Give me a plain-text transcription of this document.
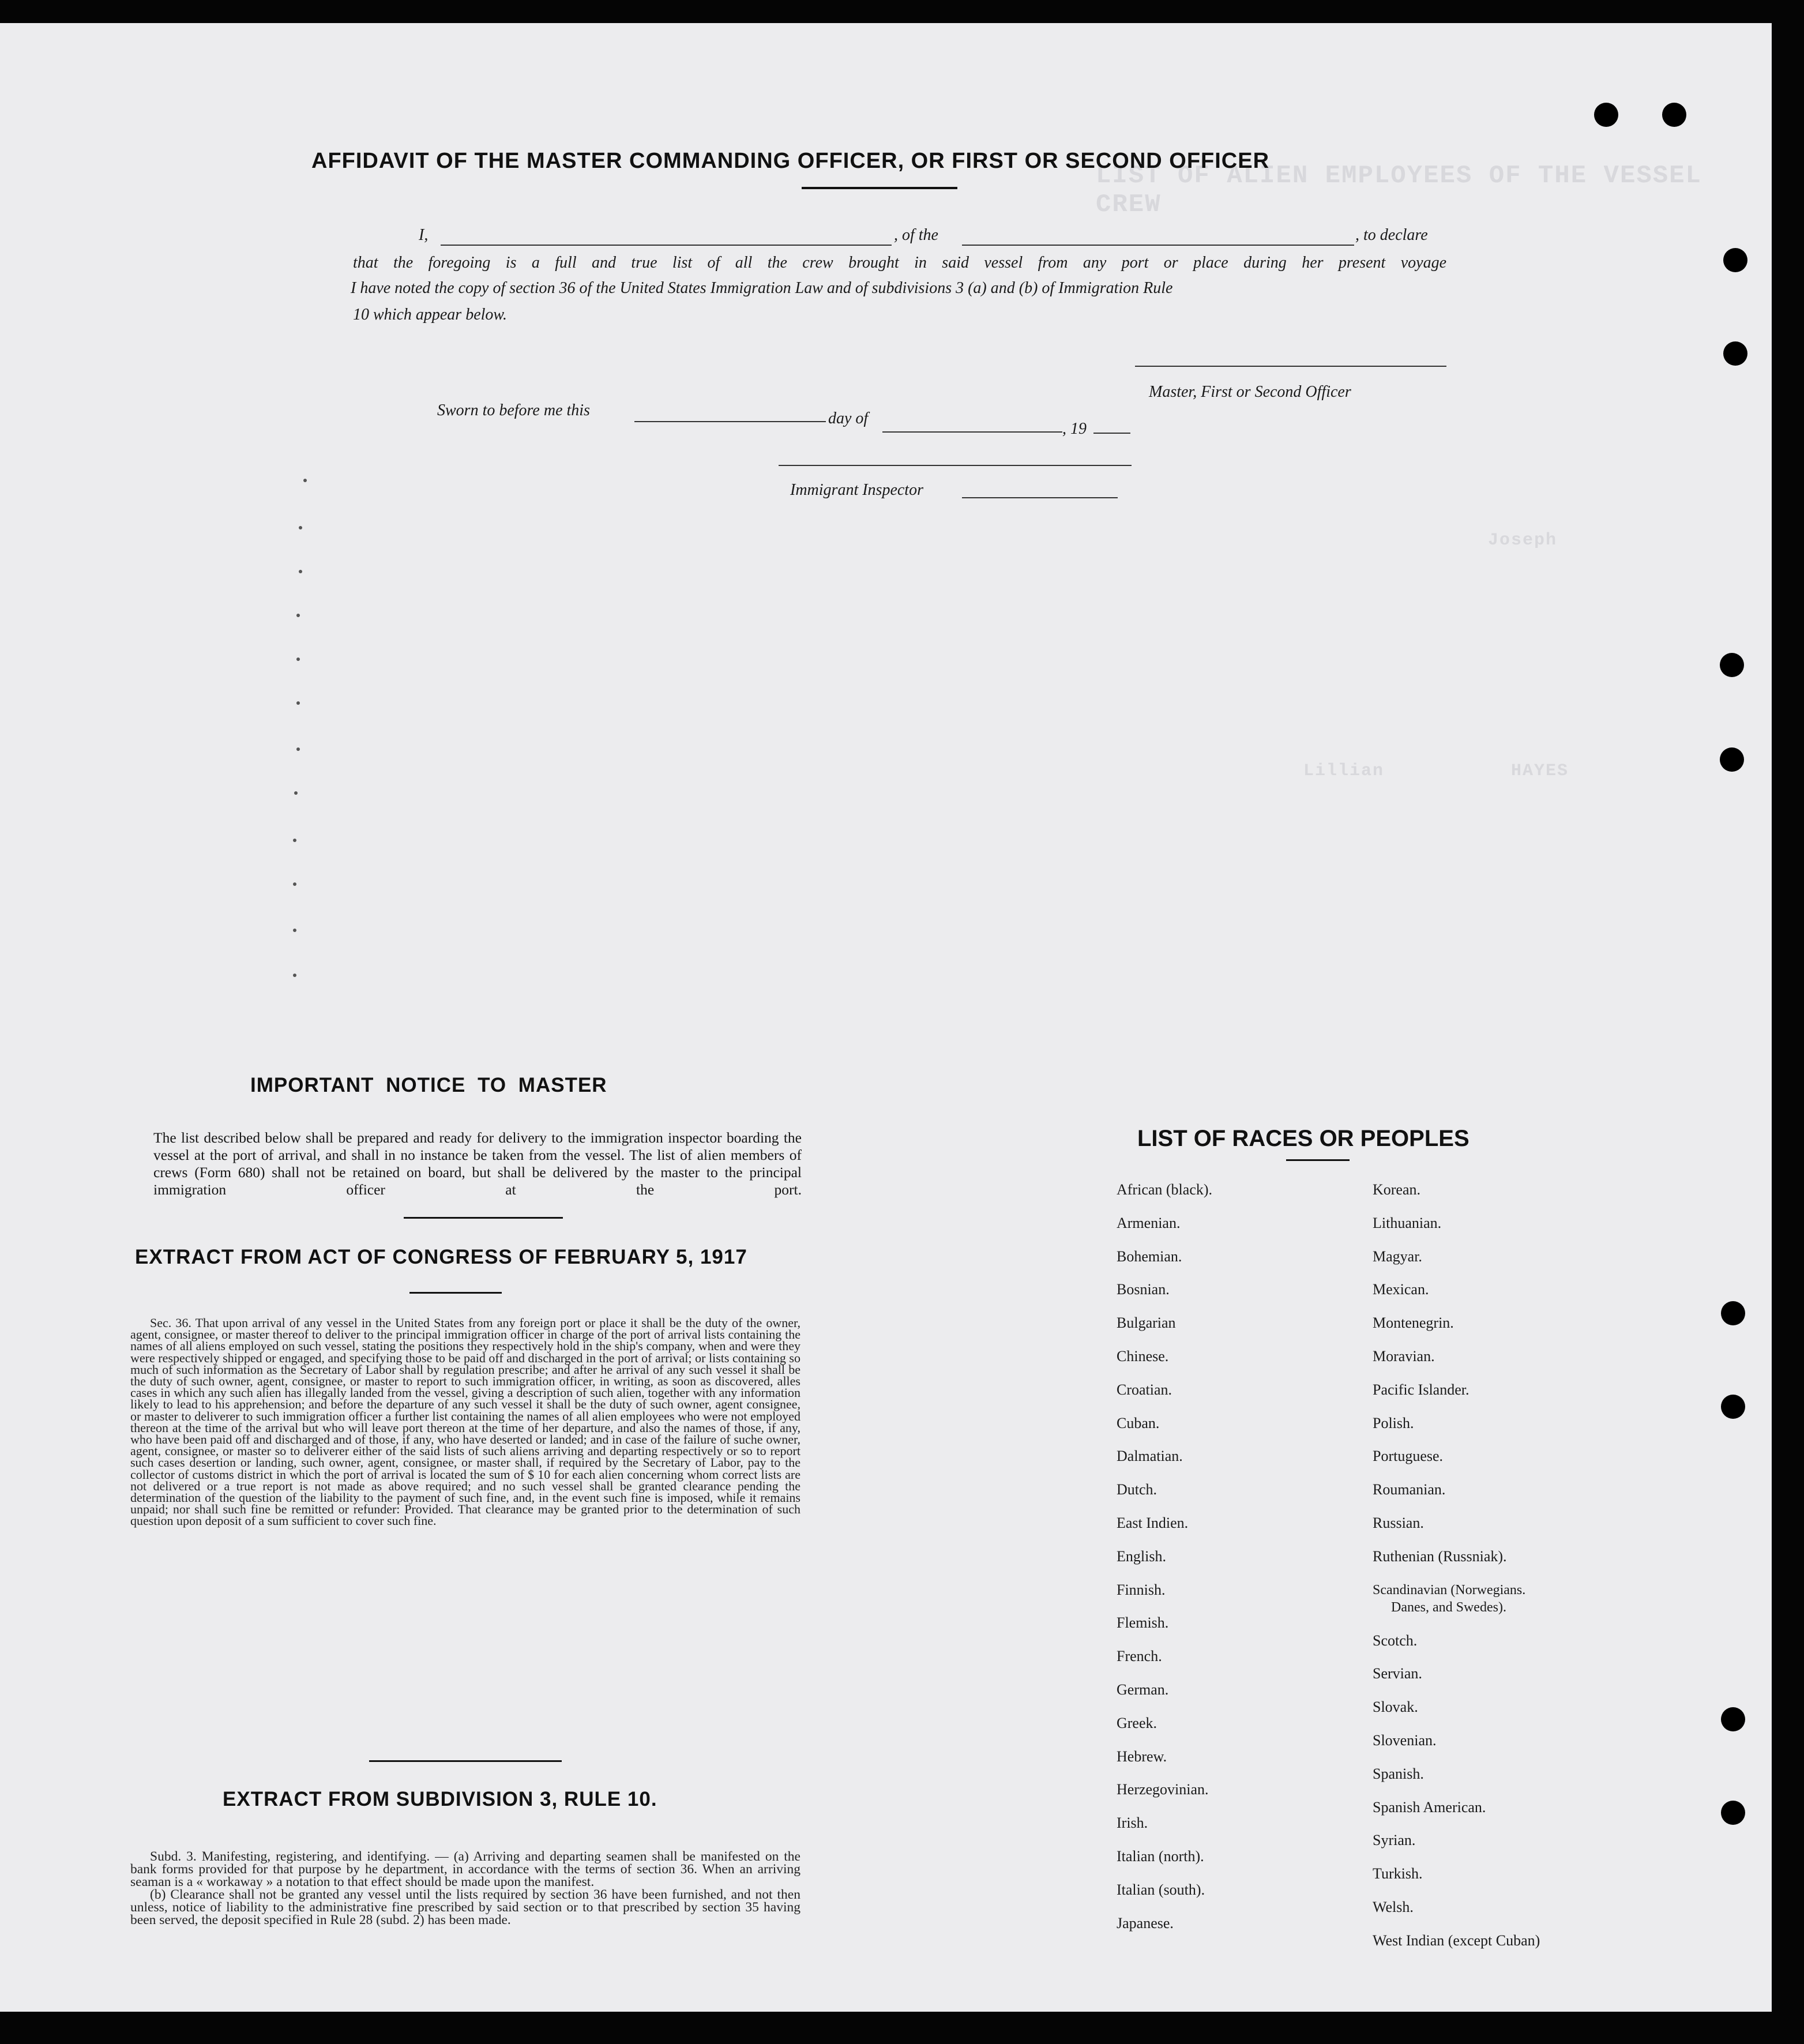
LIST OF ALIEN EMPLOYEES OF THE VESSEL CREW
Joseph
Lillian	HAYES
AFFIDAVIT OF THE MASTER COMMANDING OFFICER, OR FIRST OR SECOND OFFICER
I,	, of the	, to declare
that the foregoing is a full and true list of all the crew brought in said vessel from any port or place during her present voyage
I have noted the copy of section 36 of the United States Immigration Law and of subdivisions 3 (a) and (b) of Immigration Rule
10 which appear below.
Master, First or Second Officer
Sworn to before me this	day of
, 19
Immigrant Inspector
IMPORTANT NOTICE TO MASTER
The list described below shall be prepared and ready for delivery to the immigration inspector boarding the vessel at the port of arrival, and shall in no instance be taken from the vessel. The list of alien members of crews (Form 680) shall not be retained on board, but shall be delivered by the master to the principal immigration officer at the port.
EXTRACT FROM ACT OF CONGRESS OF FEBRUARY 5, 1917

Sec. 36. That upon arrival of any vessel in the United States from any foreign port or place it shall be the duty of the owner, agent, consignee, or master thereof to deliver to the principal immigration officer in charge of the port of arrival lists containing the names of all aliens employed on such vessel, stating the positions they respectively hold in the ship's company, when and were they were respectively shipped or engaged, and specifying those to be paid off and discharged in the port of arrival; or lists containing so much of such information as the Secretary of Labor shall by regulation prescribe; and after he arrival of any such vessel it shall be the duty of such owner, agent, consignee, or master to report to such immigration officer, in writing, as soon as discovered, alles cases in which any such alien has illegally landed from the vessel, giving a description of such alien, together with any information likely to lead to his apprehension; and before the departure of any such vessel it shall be the duty of such owner, agent consignee, or master to deliverer to such immigration officer a further list containing the names of all alien employees who were not employed thereon at the time of the arrival but who will leave port thereon at the time of her departure, and also the names of those, if any, who have been paid off and discharged and of those, if any, who have deserted or landed; and in case of the failure of suche owner, agent, consignee, or master so to deliverer either of the said lists of such aliens arriving and departing respectively or so to report such cases desertion or landing, such owner, agent, consignee, or master shall, if required by the Secretary of Labor, pay to the collector of customs district in which the port of arrival is located the sum of $ 10 for each alien concerning whom correct lists are not delivered or a true report is not made as above required; and no such vessel shall be granted clearance pending the determination of the question of the liability to the payment of such fine, and, in the event such fine is imposed, while it remains unpaid; nor shall such fine be remitted or refunder: Provided. That clearance may be granted prior to the determination of such question upon deposit of a sum sufficient to cover such fine.

EXTRACT FROM SUBDIVISION 3, RULE 10.

Subd. 3. Manifesting, registering, and identifying. — (a) Arriving and departing seamen shall be manifested on the bank forms provided for that purpose by he department, in accordance with the terms of section 36. When an arriving seaman is a « workaway » a notation to that effect should be made upon the manifest.

(b) Clearance shall not be granted any vessel until the lists required by section 36 have been furnished, and not then unless, notice of liability to the administrative fine prescribed by said section or to that prescribed by section 35 having been served, the deposit specified in Rule 28 (subd. 2) has been made.

LIST OF RACES OR PEOPLES
African (black).
Armenian.
Bohemian.
Bosnian.
Bulgarian
Chinese.
Croatian.
Cuban.
Dalmatian.
Dutch.
East Indien.
English.
Finnish.
Flemish.
French.
German.
Greek.
Hebrew.
Herzegovinian.
Irish.
Italian (north).
Italian (south).
Japanese.
Korean.
Lithuanian.
Magyar.
Mexican.
Montenegrin.
Moravian.
Pacific Islander.
Polish.
Portuguese.
Roumanian.
Russian.
Ruthenian (Russniak).
Scandinavian (Norwegians.
Danes, and Swedes).
Scotch.
Servian.
Slovak.
Slovenian.
Spanish.
Spanish American.
Syrian.
Turkish.
Welsh.
West Indian (except Cuban)
